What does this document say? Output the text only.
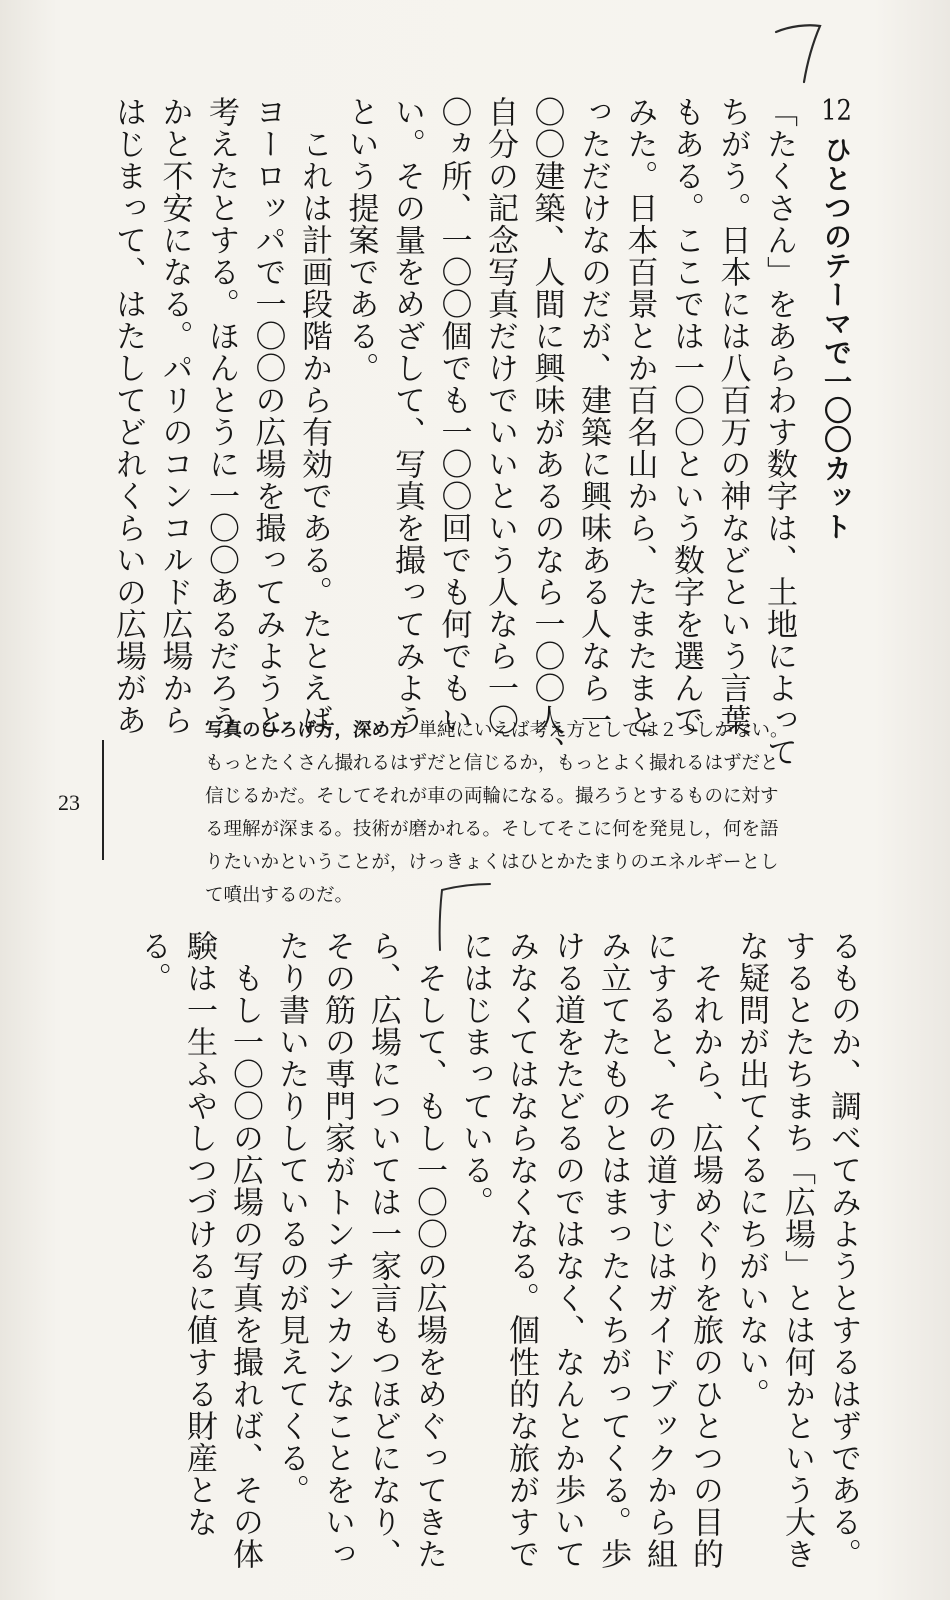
12 ひとつのテーマで一〇〇カット
「たくさん」をあらわす数字は、土地によって
ちがう。日本には八百万の神などという言葉
もある。ここでは一〇〇という数字を選んで
みた。日本百景とか百名山から、たまたまと
っただけなのだが、建築に興味ある人なら一
〇〇建築、人間に興味があるのなら一〇〇人、
自分の記念写真だけでいいという人なら一〇
〇ヵ所、一〇〇個でも一〇〇回でも何でもい
い。その量をめざして、写真を撮ってみよう
という提案である。
　これは計画段階から有効である。たとえば
ヨーロッパで一〇〇の広場を撮ってみようと
考えたとする。ほんとうに一〇〇あるだろう
かと不安になる。パリのコンコルド広場から
はじまって、はたしてどれくらいの広場があ	写真のひろげ方，深め方 単純にいえば考え方としては２つしかない。
もっとたくさん撮れるはずだと信じるか，もっとよく撮れるはずだと
信じるかだ。そしてそれが車の両輪になる。撮ろうとするものに対す
る理解が深まる。技術が磨かれる。そしてそこに何を発見し，何を語
りたいかということが，けっきょくはひとかたまりのエネルギーとし
て噴出するのだ。
23
るものか、調べてみようとするはずである。
するとたちまち「広場」とは何かという大き
な疑問が出てくるにちがいない。
　それから、広場めぐりを旅のひとつの目的
にすると、その道すじはガイドブックから組
み立てたものとはまったくちがってくる。歩
ける道をたどるのではなく、なんとか歩いて
みなくてはならなくなる。個性的な旅がすで
にはじまっている。
　そして、もし一〇〇の広場をめぐってきた
ら、広場については一家言もつほどになり、
その筋の専門家がトンチンカンなことをいっ
たり書いたりしているのが見えてくる。
　もし一〇〇の広場の写真を撮れば、その体
験は一生ふやしつづけるに値する財産とな
る。
